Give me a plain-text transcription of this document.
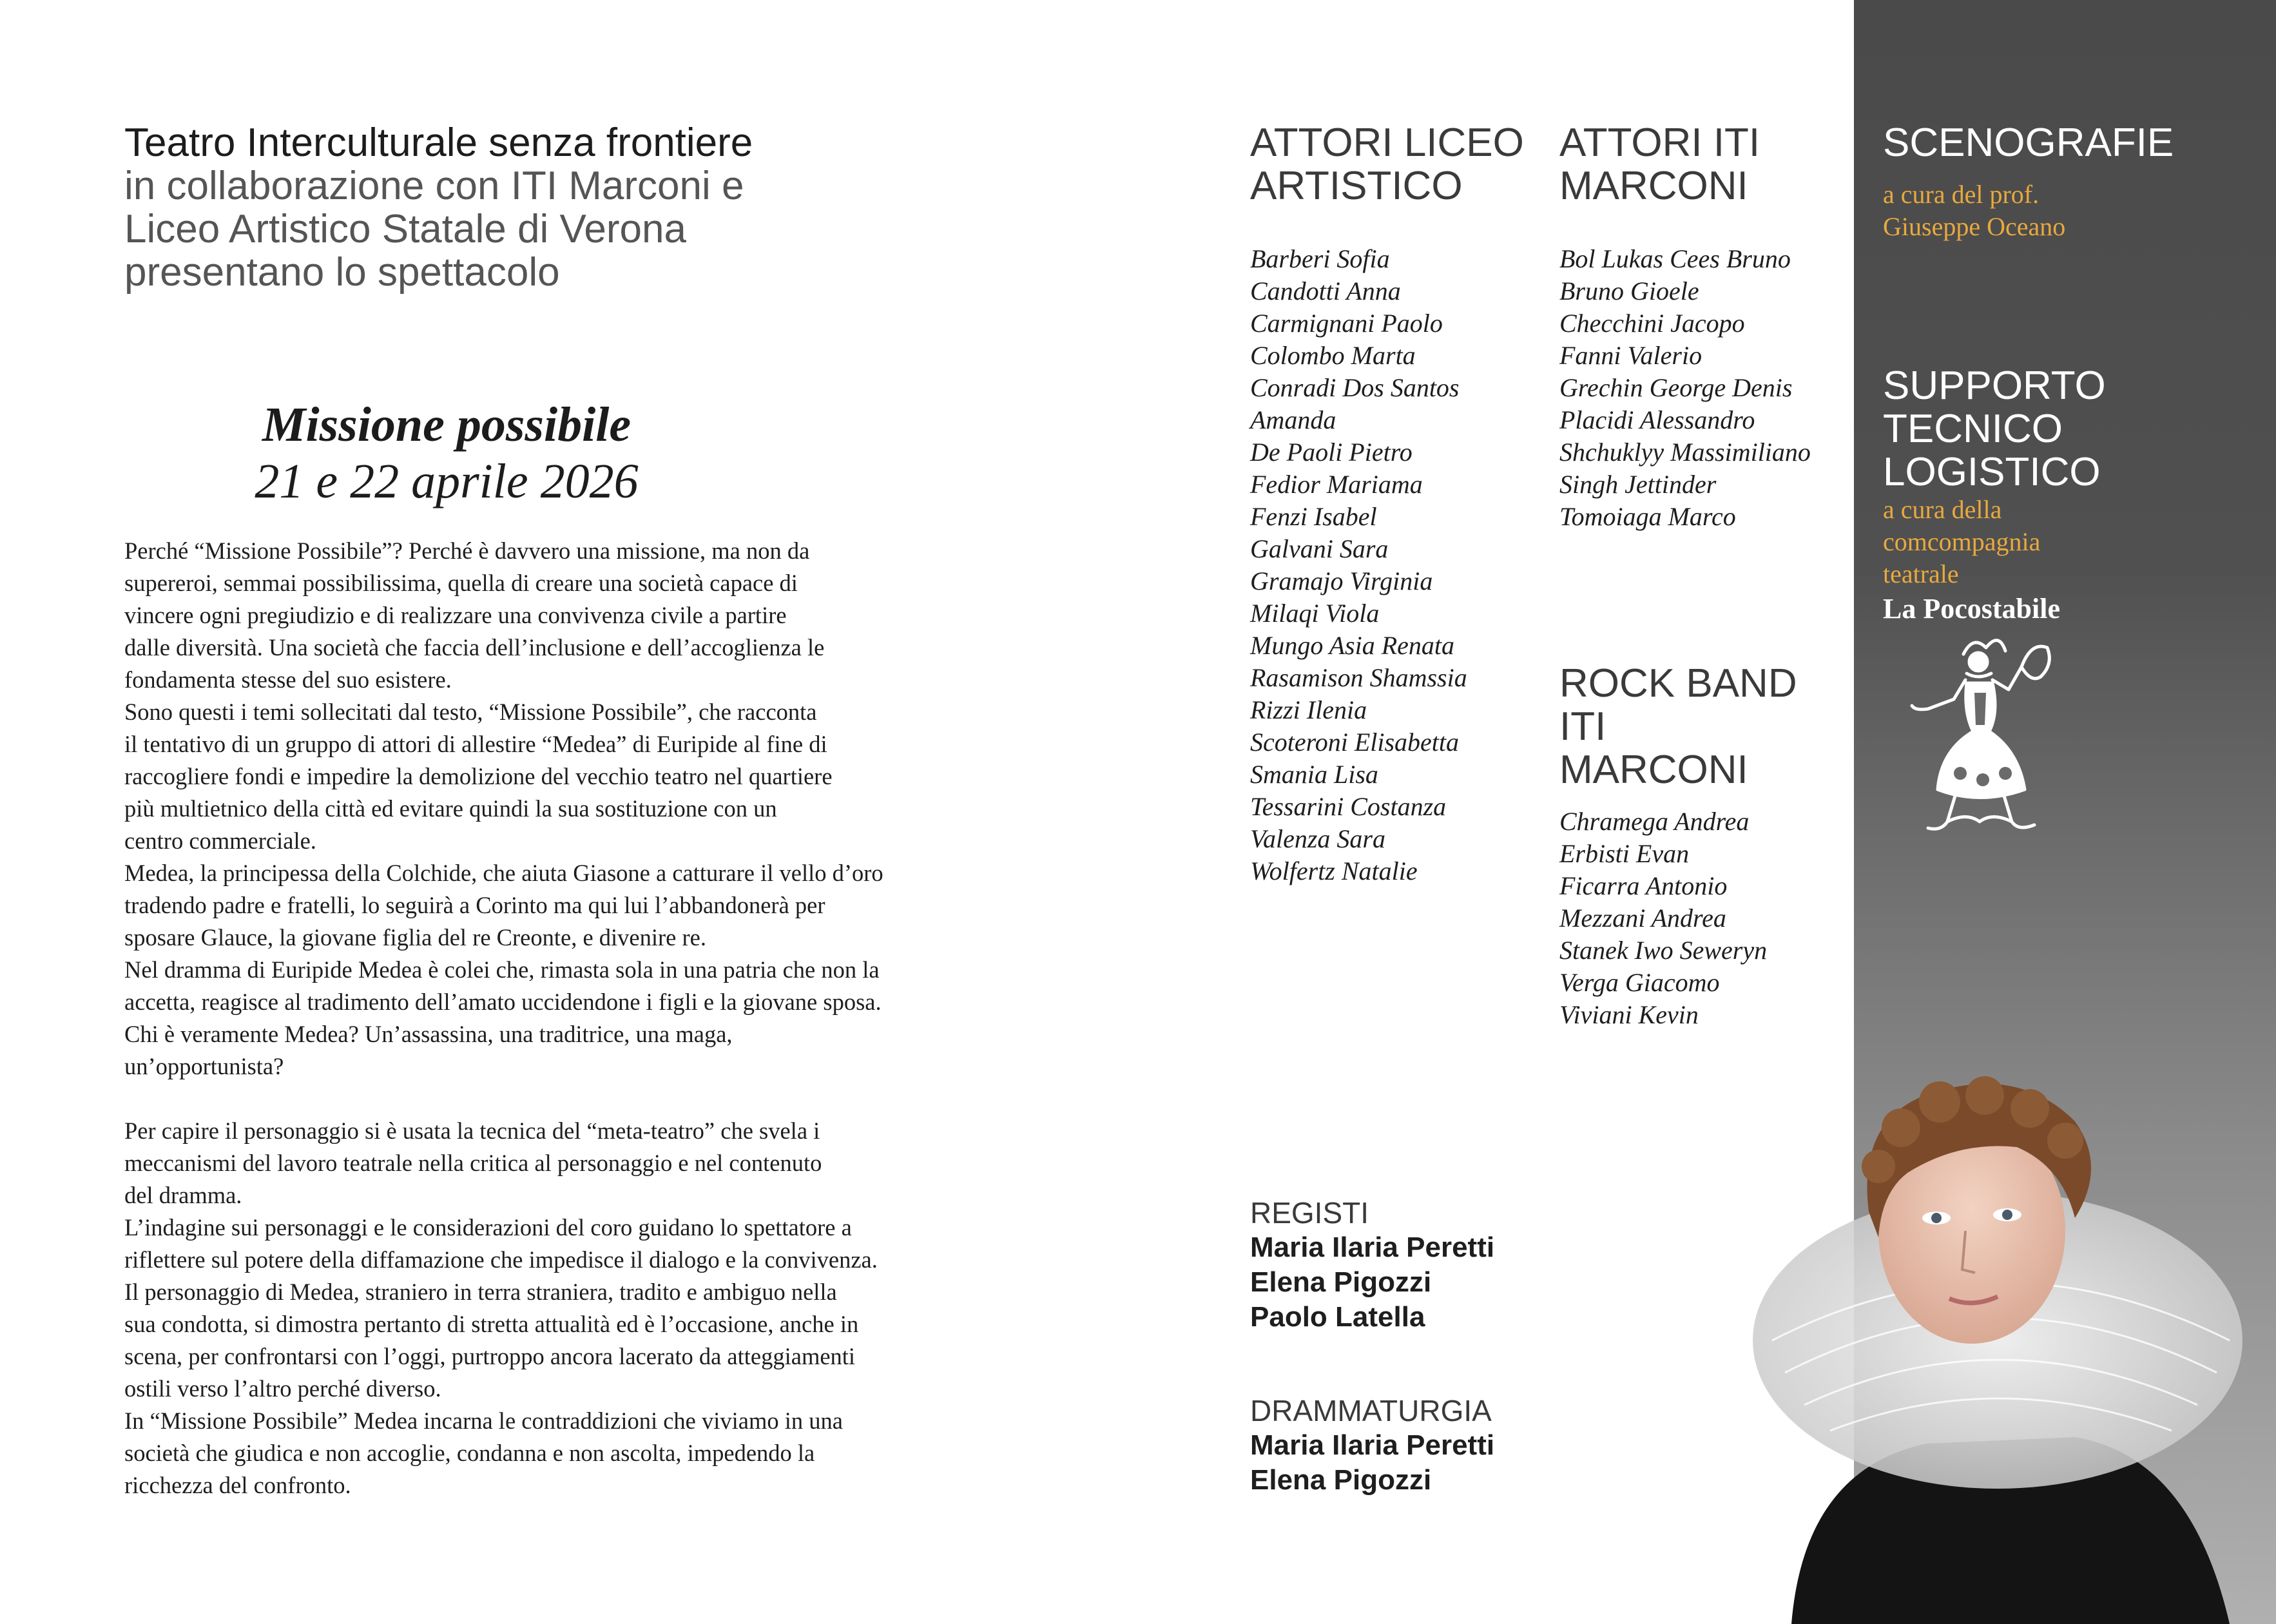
Teatro Interculturale senza frontiere
in collaborazione con ITI Marconi e
Liceo Artistico Statale di Verona
presentano lo spettacolo
Missione possibile
21 e 22 aprile 2026
Perché “Missione Possibile”? Perché è davvero una missione, ma non da
supereroi, semmai possibilissima, quella di creare una società capace di
vincere ogni pregiudizio e di realizzare una convivenza civile a partire
dalle diversità. Una società che faccia dell’inclusione e dell’accoglienza le
fondamenta stesse del suo esistere.
Sono questi i temi sollecitati dal testo, “Missione Possibile”, che racconta
il tentativo di un gruppo di attori di allestire “Medea” di Euripide al fine di
raccogliere fondi e impedire la demolizione del vecchio teatro nel quartiere
più multietnico della città ed evitare quindi la sua sostituzione con un
centro commerciale.
Medea, la principessa della Colchide, che aiuta Giasone a catturare il vello d’oro
tradendo padre e fratelli, lo seguirà a Corinto ma qui lui l’abbandonerà per
sposare Glauce, la giovane figlia del re Creonte, e divenire re.
Nel dramma di Euripide Medea è colei che, rimasta sola in una patria che non la
accetta, reagisce al tradimento dell’amato uccidendone i figli e la giovane sposa.
Chi è veramente Medea? Un’assassina, una traditrice, una maga,
un’opportunista?
Per capire il personaggio si è usata la tecnica del “meta-teatro” che svela i
meccanismi del lavoro teatrale nella critica al personaggio e nel contenuto
del dramma.
L’indagine sui personaggi e le considerazioni del coro guidano lo spettatore a
riflettere sul potere della diffamazione che impedisce il dialogo e la convivenza.
Il personaggio di Medea, straniero in terra straniera, tradito e ambiguo nella
sua condotta, si dimostra pertanto di stretta attualità ed è l’occasione, anche in
scena, per confrontarsi con l’oggi, purtroppo ancora lacerato da atteggiamenti
ostili verso l’altro perché diverso.
In “Missione Possibile” Medea incarna le contraddizioni che viviamo in una
società che giudica e non accoglie, condanna e non ascolta, impedendo la
ricchezza del confronto.
ATTORI LICEO
ARTISTICO
Barberi Sofia
Candotti Anna
Carmignani Paolo
Colombo Marta
Conradi Dos Santos
Amanda
De Paoli Pietro
Fedior Mariama
Fenzi Isabel
Galvani Sara
Gramajo Virginia
Milaqi Viola
Mungo Asia Renata
Rasamison Shamssia
Rizzi Ilenia
Scoteroni Elisabetta
Smania Lisa
Tessarini Costanza
Valenza Sara
Wolfertz Natalie
ATTORI ITI
MARCONI
Bol Lukas Cees Bruno
Bruno Gioele
Checchini Jacopo
Fanni Valerio
Grechin George Denis
Placidi Alessandro
Shchuklyy Massimiliano
Singh Jettinder
Tomoiaga Marco
ROCK BAND ITI
MARCONI
Chramega Andrea
Erbisti Evan
Ficarra Antonio
Mezzani Andrea
Stanek Iwo Seweryn
Verga Giacomo
Viviani Kevin
REGISTI
Maria Ilaria Peretti
Elena Pigozzi
Paolo Latella
DRAMMATURGIA
Maria Ilaria Peretti
Elena Pigozzi
SCENOGRAFIE
a cura del prof.
Giuseppe Oceano
SUPPORTO
TECNICO
LOGISTICO
a cura della
comcompagnia
teatrale
La Pocostabile
